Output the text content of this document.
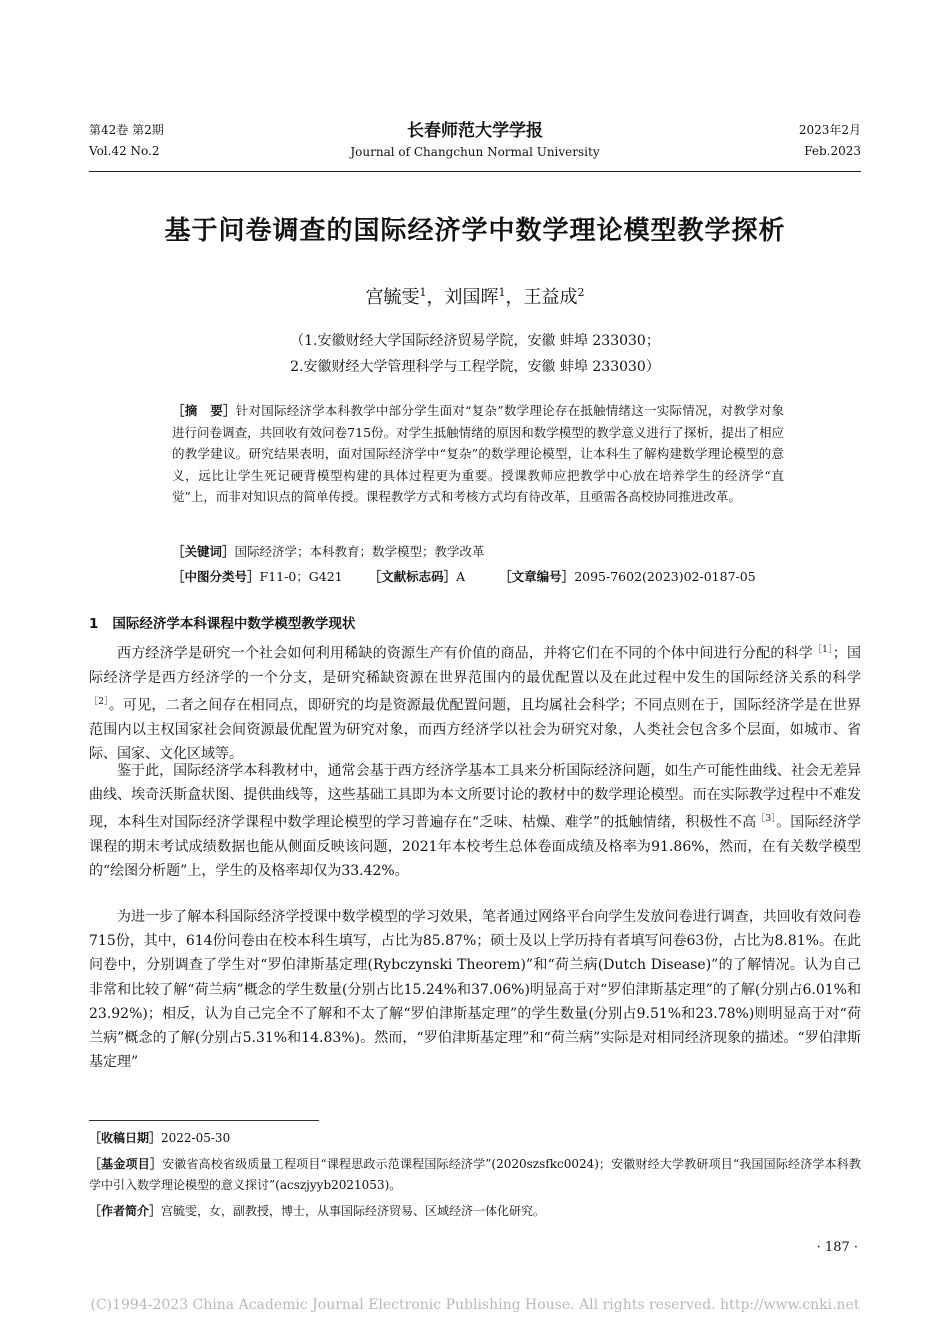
第42卷 第2期
Vol.42 No.2
长春师范大学学报
Journal of Changchun Normal University
2023年2月
Feb.2023
基于问卷调查的国际经济学中数学理论模型教学探析
宫毓雯$^1$，刘国晖$^1$，王益成$^2$
（1.安徽财经大学国际经济贸易学院，安徽 蚌埠 233030；
2.安徽财经大学管理科学与工程学院，安徽 蚌埠 233030）
［摘　要］针对国际经济学本科教学中部分学生面对“复杂”数学理论存在抵触情绪这一实际情况，对教学对象进行问卷调查，共回收有效问卷715份。对学生抵触情绪的原因和数学模型的教学意义进行了探析，提出了相应的教学建议。研究结果表明，面对国际经济学中“复杂”的数学理论模型，让本科生了解构建数学理论模型的意义，远比让学生死记硬背模型构建的具体过程更为重要。授课教师应把教学中心放在培养学生的经济学“直觉”上，而非对知识点的简单传授。课程教学方式和考核方式均有待改革，且亟需各高校协同推进改革。
［关键词］国际经济学；本科教育；数学模型；教学改革
［中图分类号］F11-0；G421 ［文献标志码］A	［文章编号］2095-7602(2023)02-0187-05
1 国际经济学本科课程中数学模型教学现状
西方经济学是研究一个社会如何利用稀缺的资源生产有价值的商品，并将它们在不同的个体中间进行分配的科学$^{[1]}$；国际经济学是西方经济学的一个分支，是研究稀缺资源在世界范围内的最优配置以及在此过程中发生的国际经济关系的科学$^{[2]}$。可见，二者之间存在相同点，即研究的均是资源最优配置问题，且均属社会科学；不同点则在于，国际经济学是在世界范围内以主权国家社会间资源最优配置为研究对象，而西方经济学以社会为研究对象，人类社会包含多个层面，如城市、省际、国家、文化区域等。
鉴于此，国际经济学本科教材中，通常会基于西方经济学基本工具来分析国际经济问题，如生产可能性曲线、社会无差异曲线、埃奇沃斯盒状图、提供曲线等，这些基础工具即为本文所要讨论的教材中的数学理论模型。而在实际教学过程中不难发现，本科生对国际经济学课程中数学理论模型的学习普遍存在“乏味、枯燥、难学”的抵触情绪，积极性不高$^{[3]}$。国际经济学课程的期末考试成绩数据也能从侧面反映该问题，2021年本校考生总体卷面成绩及格率为91.86%，然而，在有关数学模型的“绘图分析题”上，学生的及格率却仅为33.42%。
为进一步了解本科国际经济学授课中数学模型的学习效果，笔者通过网络平台向学生发放问卷进行调查，共回收有效问卷715份，其中，614份问卷由在校本科生填写，占比为85.87%；硕士及以上学历持有者填写问卷63份，占比为8.81%。在此问卷中，分别调查了学生对“罗伯津斯基定理(Rybczynski Theorem)”和“荷兰病(Dutch Disease)”的了解情况。认为自己非常和比较了解“荷兰病”概念的学生数量(分别占比15.24%和37.06%)明显高于对“罗伯津斯基定理”的了解(分别占6.01%和23.92%)；相反，认为自己完全不了解和不太了解“罗伯津斯基定理”的学生数量(分别占9.51%和23.78%)则明显高于对“荷兰病”概念的了解(分别占5.31%和14.83%)。然而，“罗伯津斯基定理”和“荷兰病”实际是对相同经济现象的描述。“罗伯津斯基定理”
［收稿日期］2022-05-30
［基金项目］安徽省高校省级质量工程项目“课程思政示范课程国际经济学”(2020szsfkc0024)；安徽财经大学教研项目“我国国际经济学本科教学中引入数学理论模型的意义探讨”(acszjyyb2021053)。
［作者简介］宫毓雯，女，副教授，博士，从事国际经济贸易、区域经济一体化研究。
· 187 ·
(C)1994-2023 China Academic Journal Electronic Publishing House. All rights reserved. http://www.cnki.net
